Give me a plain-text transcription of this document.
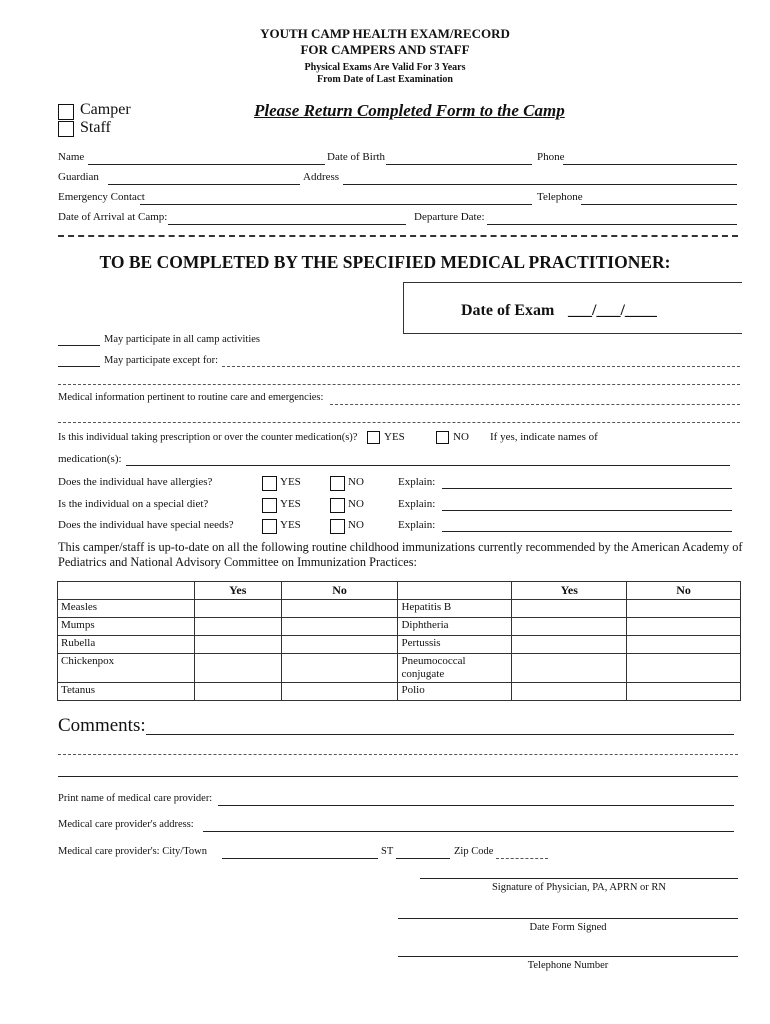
YOUTH CAMP HEALTH EXAM/RECORD
FOR CAMPERS AND STAFF
Physical Exams Are Valid For 3 Years
From Date of Last Examination
Camper
Staff
Please Return Completed Form to the Camp
Name	Date of Birth	Phone
Guardian	Address
Emergency Contact	Telephone
Date of Arrival at Camp:	Departure Date:
TO BE COMPLETED BY THE SPECIFIED MEDICAL PRACTITIONER:
Date of Exam ___/___/____
May participate in all camp activities
May participate except for:
Medical information pertinent to routine care and emergencies:
Is this individual taking prescription or over the counter medication(s)? YES	NO If yes, indicate names of
medication(s):
Does the individual have allergies?	YES	NO	Explain:
Is the individual on a special diet?	YES	NO	Explain:
Does the individual have special needs?	YES	NO	Explain:
This camper/staff is up-to-date on all the following routine childhood immunizations currently recommended by the American Academy of Pediatrics and National Advisory Committee on Immunization Practices:
	Yes	No		Yes	No
Measles			Hepatitis B		
Mumps			Diphtheria		
Rubella			Pertussis		
Chickenpox			Pneumococcal conjugate		
Tetanus			Polio		
Comments:
Print name of medical care provider:
Medical care provider's address:
Medical care provider's: City/Town	ST	Zip Code
Signature of Physician, PA, APRN or RN
Date Form Signed
Telephone Number
